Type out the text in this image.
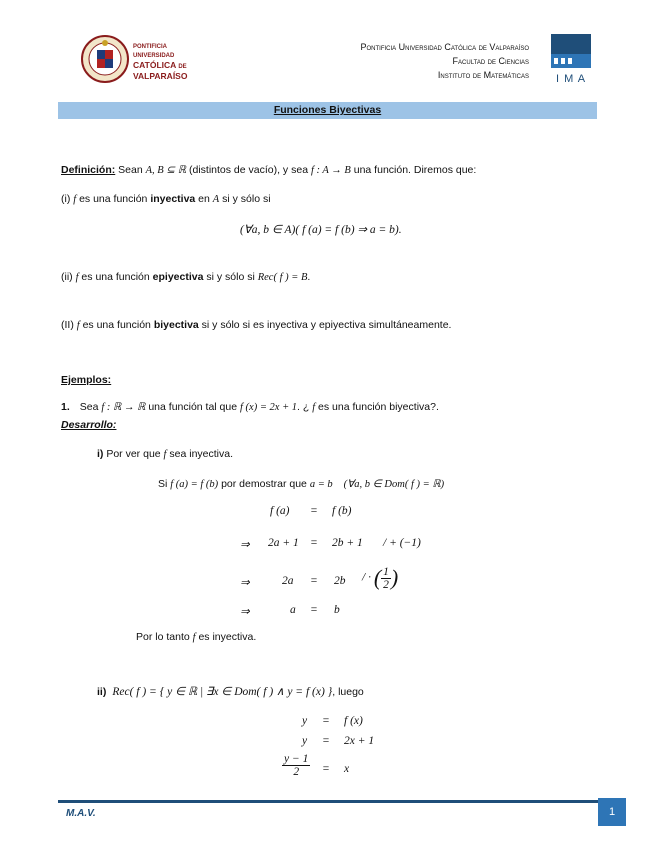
PONTIFICIA
UNIVERSIDAD
CATÓLICA DE
VALPARAÍSO
Pontificia Universidad Católica de Valparaíso
Facultad de Ciencias
Instituto de Matemáticas	I M A
Funciones Biyectivas
Definición: Sean A, B ⊆ ℝ (distintos de vacío), y sea f : A → B una función. Diremos que:
(i) f es una función inyectiva en A si y sólo si
(∀a, b ∈ A)( f (a) = f (b) ⇒ a = b).
(ii) f es una función epiyectiva si y sólo si Rec( f ) = B.
(II) f es una función biyectiva si y sólo si es inyectiva y epiyectiva simultáneamente.
Ejemplos:
1. Sea f : ℝ → ℝ una función tal que f (x) = 2x + 1. ¿ f es una función biyectiva?.
Desarrollo:
i) Por ver que f sea inyectiva.
Si f (a) = f (b) por demostrar que a = b (∀a, b ∈ Dom( f ) = ℝ)
f (a) = f (b)
⇒ 2a + 1 = 2b + 1 / + (−1)
⇒	2a = 2b / · ( $\frac{1}{2}$ )
⇒	a = b
Por lo tanto f es inyectiva.
ii) Rec( f ) = { y ∈ ℝ | ∃x ∈ Dom( f ) ∧ y = f (x) }, luego
y = f (x)
y = 2x + 1
$\frac{y - 1}{2} = x$
M.A.V.	1
